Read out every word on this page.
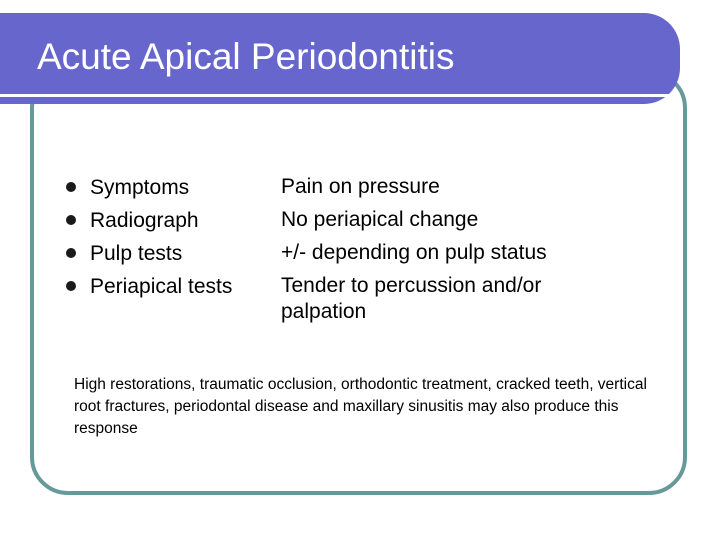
Acute Apical Periodontitis
Symptoms	Pain on pressure
Radiograph	No periapical change
Pulp tests	+/- depending on pulp status
Periapical tests	Tender to percussion and/or palpation

High restorations, traumatic occlusion, orthodontic treatment, cracked teeth, vertical root fractures, periodontal disease and maxillary sinusitis may also produce this response
